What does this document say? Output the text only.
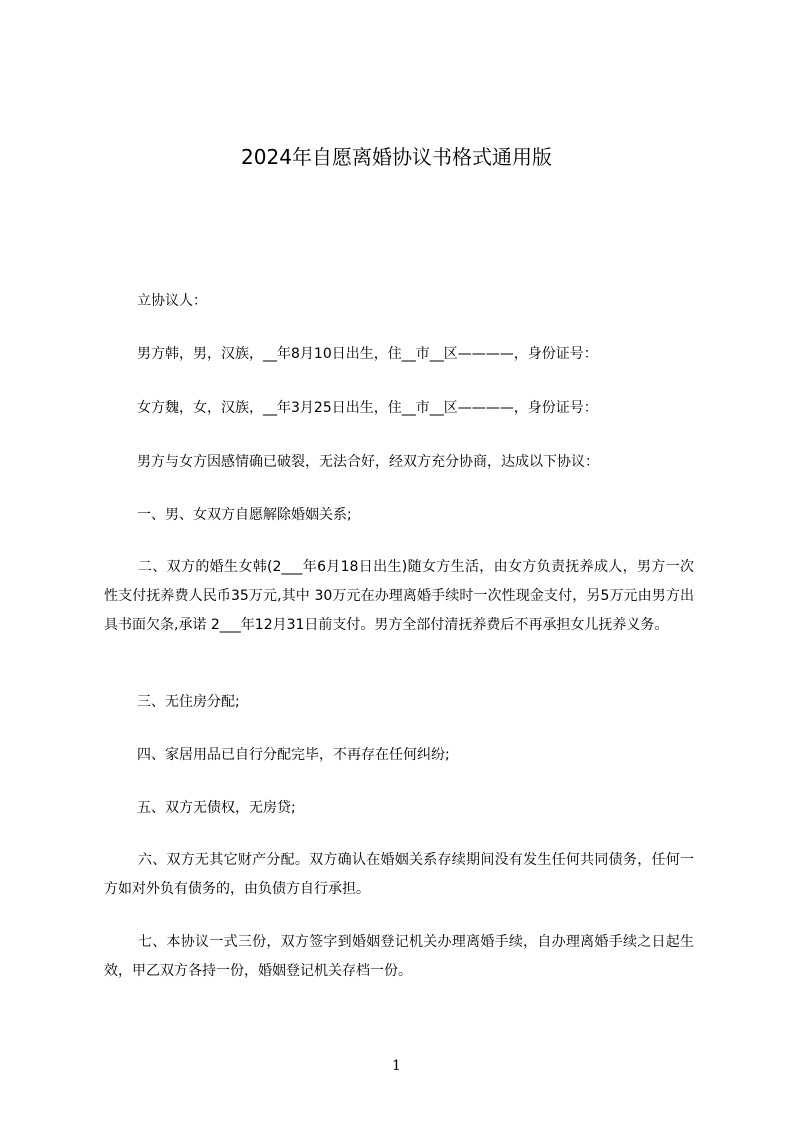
2024年自愿离婚协议书格式通用版
立协议人：
男方韩，男，汉族，__年8月10日出生，住__市__区————，身份证号：
女方魏，女，汉族，__年3月25日出生，住__市__区————，身份证号：
男方与女方因感情确已破裂，无法合好，经双方充分协商，达成以下协议：
一、男、女双方自愿解除婚姻关系;
二、双方的婚生女韩(2___年6月18日出生)随女方生活，由女方负责抚养成人，男方一次性支付抚养费人民币35万元,其中 30万元在办理离婚手续时一次性现金支付，另5万元由男方出具书面欠条,承诺 2___年12月31日前支付。男方全部付清抚养费后不再承担女儿抚养义务。
三、无住房分配;
四、家居用品已自行分配完毕，不再存在任何纠纷;
五、双方无债权，无房贷;
六、双方无其它财产分配。双方确认在婚姻关系存续期间没有发生任何共同债务，任何一方如对外负有债务的，由负债方自行承担。
七、本协议一式三份，双方签字到婚姻登记机关办理离婚手续，自办理离婚手续之日起生效，甲乙双方各持一份，婚姻登记机关存档一份。
1
